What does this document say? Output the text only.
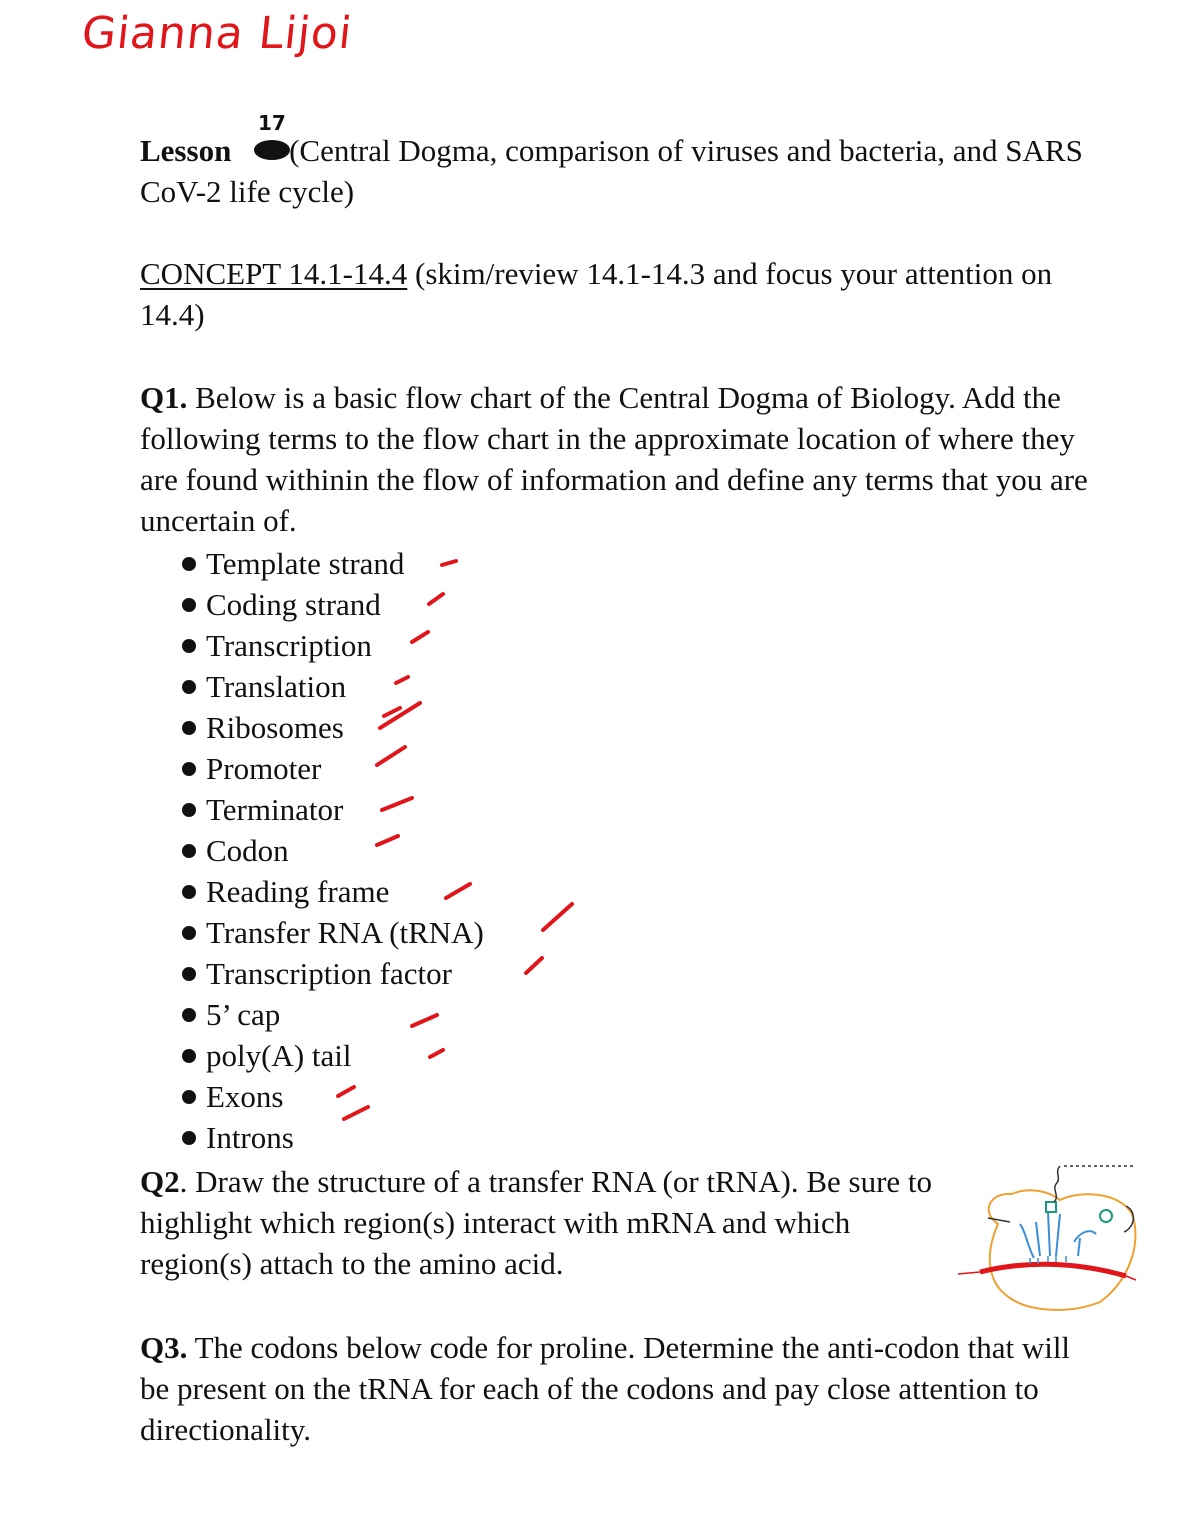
Gianna Lijoi
17

Lesson (Central Dogma, comparison of viruses and bacteria, and SARS CoV-2 life cycle)

CONCEPT 14.1-14.4 (skim/review 14.1-14.3 and focus your attention on 14.4)

Q1. Below is a basic flow chart of the Central Dogma of Biology. Add the following terms to the flow chart in the approximate location of where they are found withinin the flow of information and define any terms that you are uncertain of.

Template strand
Coding strand
Transcription
Translation
Ribosomes
Promoter
Terminator
Codon
Reading frame
Transfer RNA (tRNA)
Transcription factor
5’ cap
poly(A) tail
Exons
Introns
Q2. Draw the structure of a transfer RNA (or tRNA). Be sure to
highlight which region(s) interact with mRNA and which
region(s) attach to the amino acid.

Q3. The codons below code for proline. Determine the anti-codon that will be present on the tRNA for each of the codons and pay close attention to directionality.
